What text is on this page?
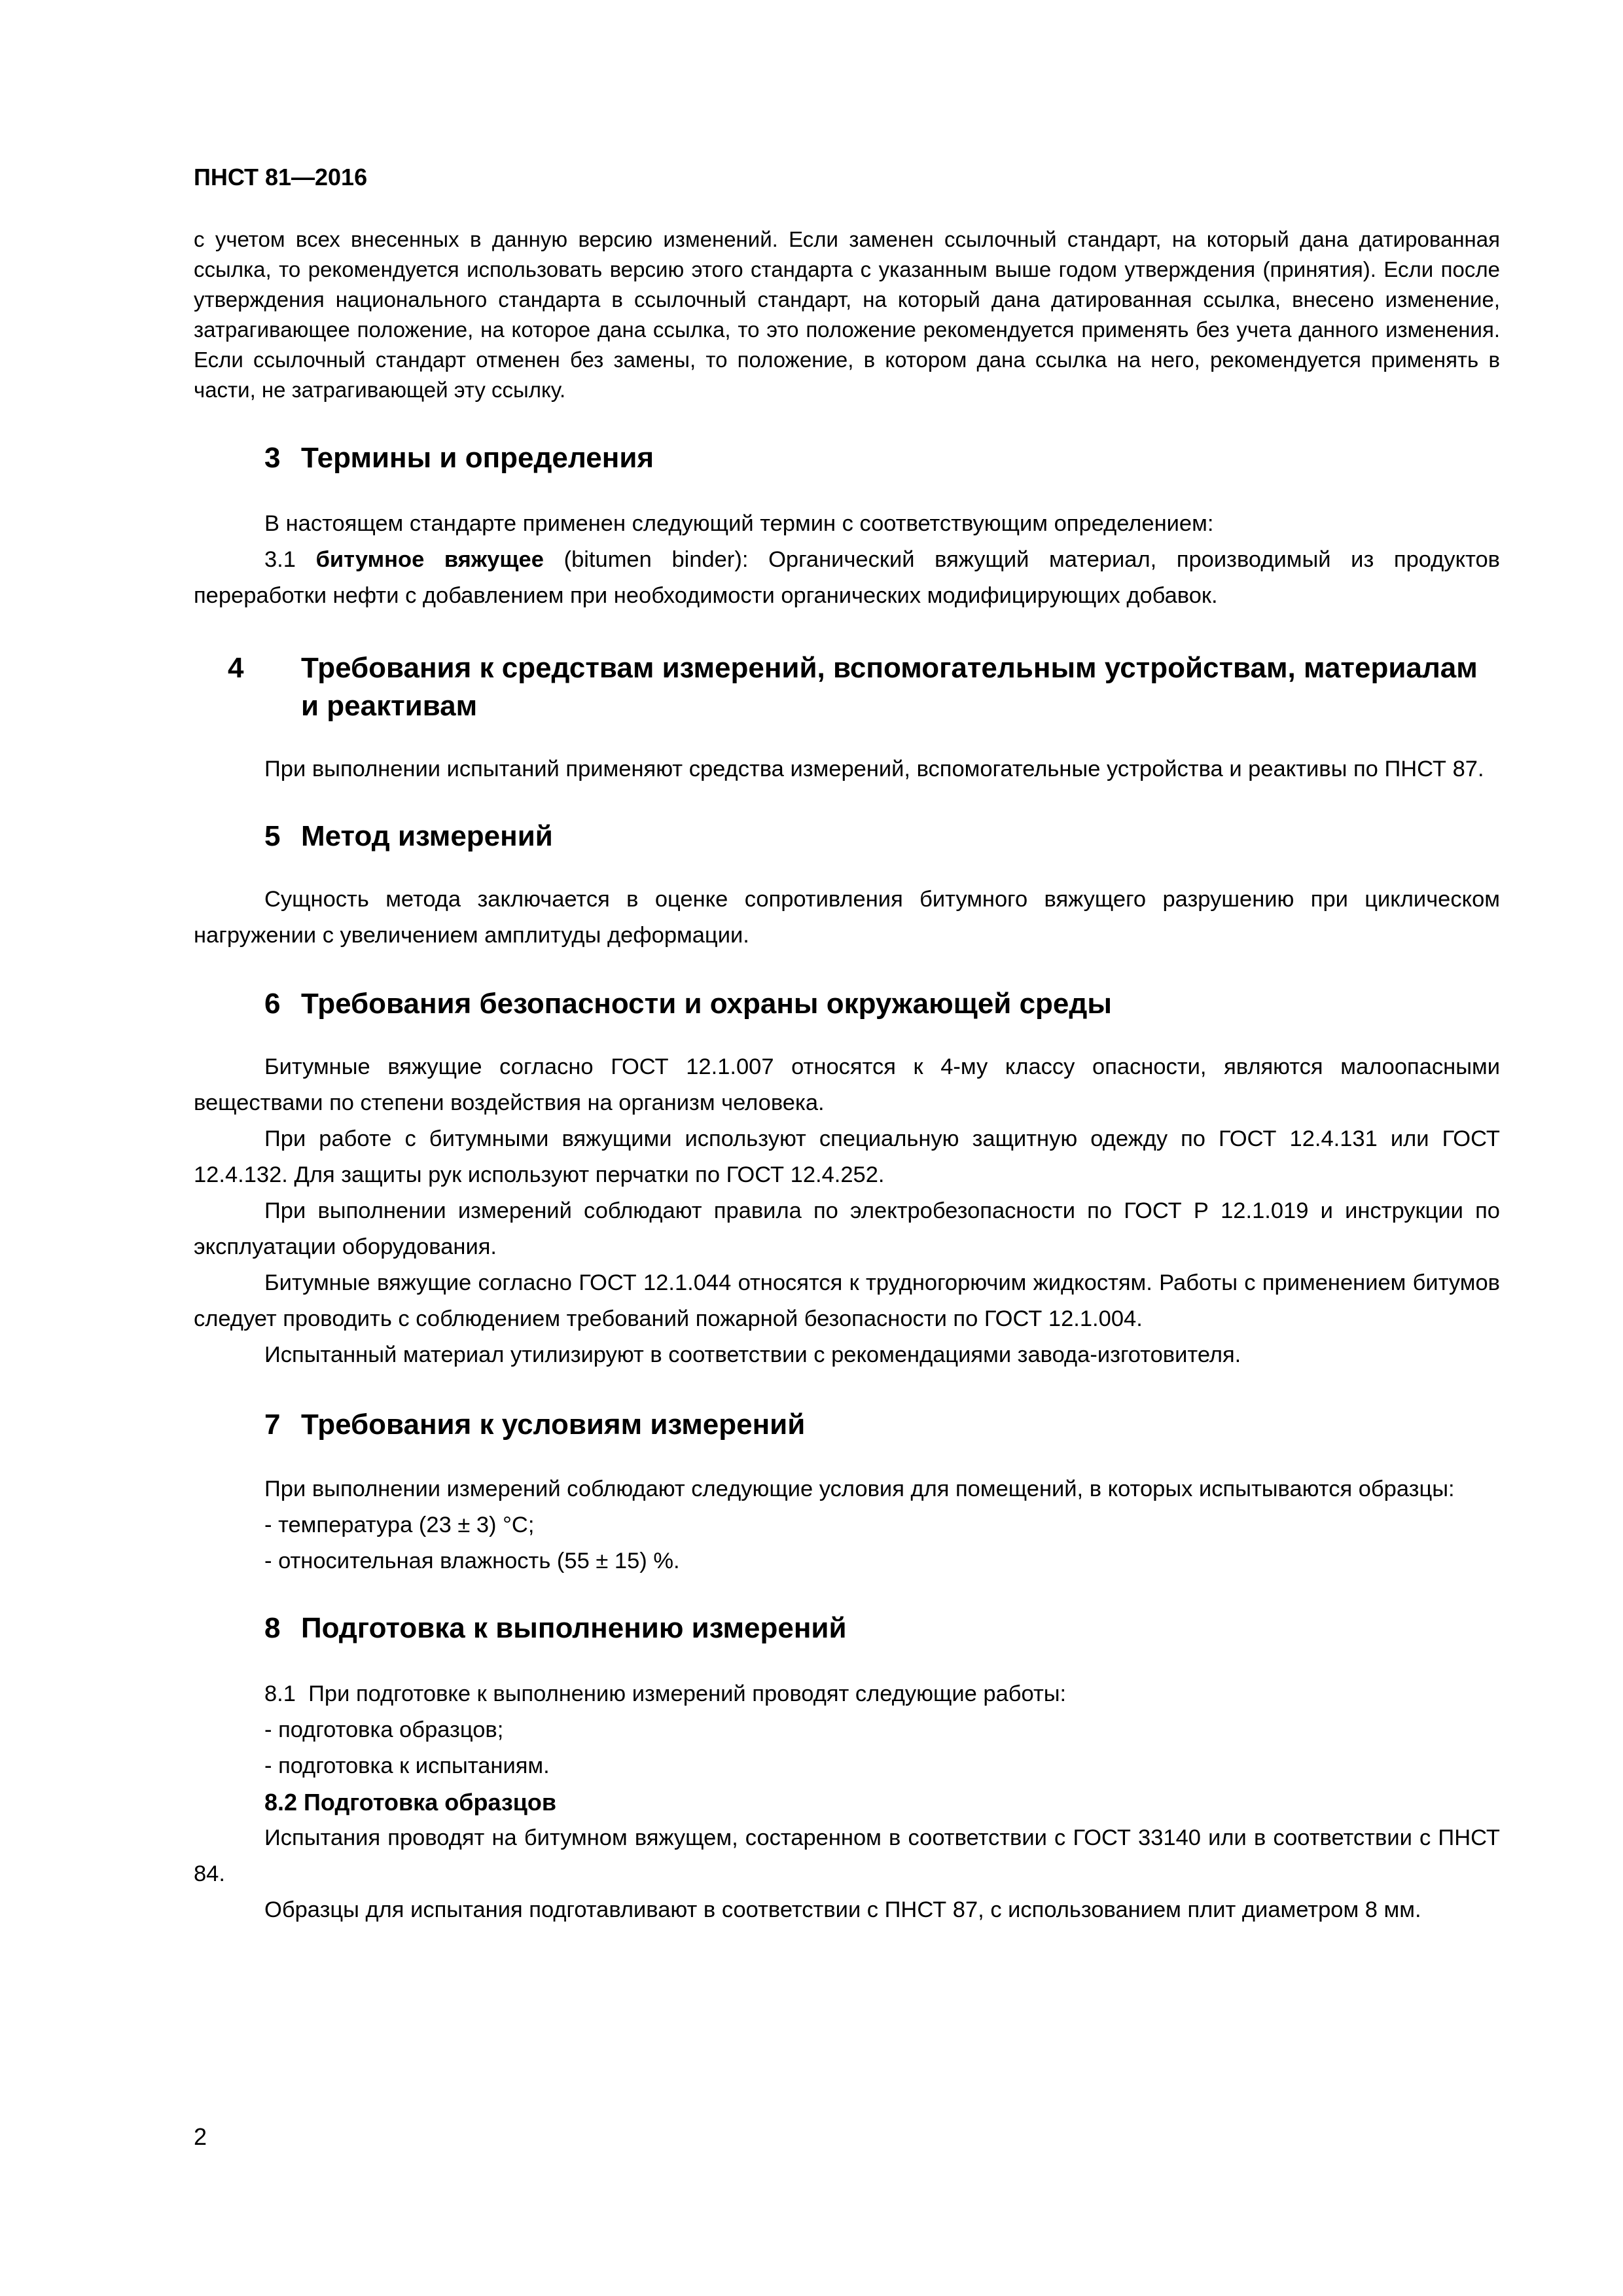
ПНСТ 81—2016

с учетом всех внесенных в данную версию изменений. Если заменен ссылочный стандарт, на который дана датированная ссылка, то рекомендуется использовать версию этого стандарта с указанным выше годом утверждения (принятия). Если после утверждения национального стандарта в ссылочный стандарт, на который дана датированная ссылка, внесено изменение, затрагивающее положение, на которое дана ссылка, то это положение рекомендуется применять без учета данного изменения. Если ссылочный стандарт отменен без замены, то положение, в котором дана ссылка на него, рекомендуется применять в части, не затрагивающей эту ссылку.

3 Термины и определения

В настоящем стандарте применен следующий термин с соответствующим определением:

3.1 битумное вяжущее (bitumen binder): Органический вяжущий материал, производимый из продуктов переработки нефти с добавлением при необходимости органических модифицирующих добавок.

4 Требования к средствам измерений, вспомогательным устройствам, материалам и реактивам

При выполнении испытаний применяют средства измерений, вспомогательные устройства и реактивы по ПНСТ 87.

5 Метод измерений

Сущность метода заключается в оценке сопротивления битумного вяжущего разрушению при циклическом нагружении с увеличением амплитуды деформации.

6 Требования безопасности и охраны окружающей среды

Битумные вяжущие согласно ГОСТ 12.1.007 относятся к 4-му классу опасности, являются малоопасными веществами по степени воздействия на организм человека.

При работе с битумными вяжущими используют специальную защитную одежду по ГОСТ 12.4.131 или ГОСТ 12.4.132. Для защиты рук используют перчатки по ГОСТ 12.4.252.

При выполнении измерений соблюдают правила по электробезопасности по ГОСТ Р 12.1.019 и инструкции по эксплуатации оборудования.

Битумные вяжущие согласно ГОСТ 12.1.044 относятся к трудногорючим жидкостям. Работы с применением битумов следует проводить с соблюдением требований пожарной безопасности по ГОСТ 12.1.004.

Испытанный материал утилизируют в соответствии с рекомендациями завода-изготовителя.

7 Требования к условиям измерений

При выполнении измерений соблюдают следующие условия для помещений, в которых испытываются образцы:

- температура (23 ± 3) °С;

- относительная влажность (55 ± 15) %.

8 Подготовка к выполнению измерений

8.1  При подготовке к выполнению измерений проводят следующие работы:

- подготовка образцов;

- подготовка к испытаниям.

8.2 Подготовка образцов

Испытания проводят на битумном вяжущем, состаренном в соответствии с ГОСТ 33140 или в соответствии с ПНСТ 84.

Образцы для испытания подготавливают в соответствии с ПНСТ 87, с использованием плит диаметром 8 мм.

2
